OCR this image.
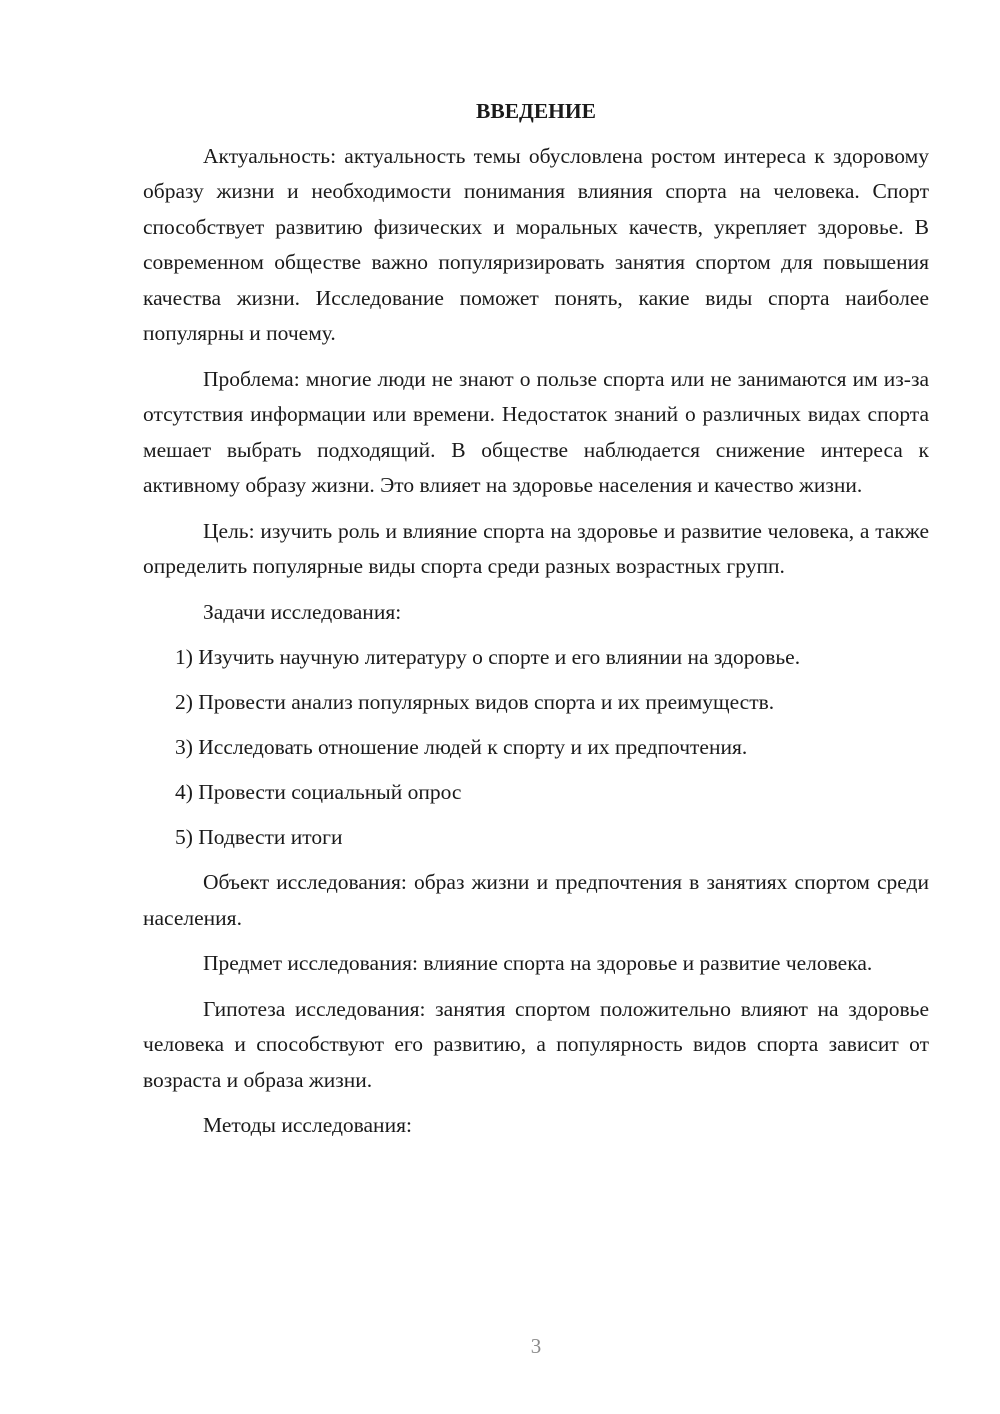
ВВЕДЕНИЕ

Актуальность: актуальность темы обусловлена ростом интереса к здоровому образу жизни и необходимости понимания влияния спорта на человека. Спорт способствует развитию физических и моральных качеств, укрепляет здоровье. В современном обществе важно популяризировать занятия спортом для повышения качества жизни. Исследование поможет понять, какие виды спорта наиболее популярны и почему.

Проблема: многие люди не знают о пользе спорта или не занимаются им из-за отсутствия информации или времени. Недостаток знаний о различных видах спорта мешает выбрать подходящий. В обществе наблюдается снижение интереса к активному образу жизни. Это влияет на здоровье населения и качество жизни.

Цель: изучить роль и влияние спорта на здоровье и развитие человека, а также определить популярные виды спорта среди разных возрастных групп.

Задачи исследования:

1) Изучить научную литературу о спорте и его влиянии на здоровье.
2) Провести анализ популярных видов спорта и их преимуществ.
3) Исследовать отношение людей к спорту и их предпочтения.
4) Провести социальный опрос
5) Подвести итоги

Объект исследования: образ жизни и предпочтения в занятиях спортом среди населения.

Предмет исследования: влияние спорта на здоровье и развитие человека.

Гипотеза исследования: занятия спортом положительно влияют на здоровье человека и способствуют его развитию, а популярность видов спорта зависит от возраста и образа жизни.

Методы исследования:

3
